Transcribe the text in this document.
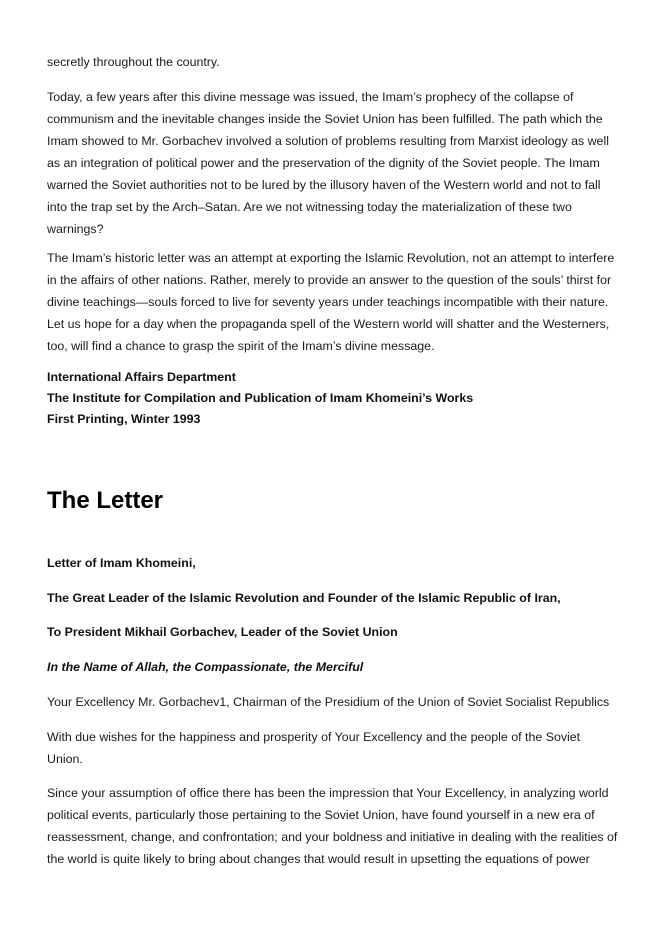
secretly throughout the country.
Today, a few years after this divine message was issued, the Imam’s prophecy of the collapse of
communism and the inevitable changes inside the Soviet Union has been fulfilled. The path which the
Imam showed to Mr. Gorbachev involved a solution of problems resulting from Marxist ideology as well
as an integration of political power and the preservation of the dignity of the Soviet people. The Imam
warned the Soviet authorities not to be lured by the illusory haven of the Western world and not to fall
into the trap set by the Arch–Satan. Are we not witnessing today the materialization of these two
warnings?
The Imam’s historic letter was an attempt at exporting the Islamic Revolution, not an attempt to interfere
in the affairs of other nations. Rather, merely to provide an answer to the question of the souls’ thirst for
divine teachings—souls forced to live for seventy years under teachings incompatible with their nature.
Let us hope for a day when the propaganda spell of the Western world will shatter and the Westerners,
too, will find a chance to grasp the spirit of the Imam’s divine message.
International Affairs Department
The Institute for Compilation and Publication of Imam Khomeini’s Works
First Printing, Winter 1993
The Letter
Letter of Imam Khomeini,
The Great Leader of the Islamic Revolution and Founder of the Islamic Republic of Iran,
To President Mikhail Gorbachev, Leader of the Soviet Union
In the Name of Allah, the Compassionate, the Merciful
Your Excellency Mr. Gorbachev1, Chairman of the Presidium of the Union of Soviet Socialist Republics
With due wishes for the happiness and prosperity of Your Excellency and the people of the Soviet
Union.
Since your assumption of office there has been the impression that Your Excellency, in analyzing world
political events, particularly those pertaining to the Soviet Union, have found yourself in a new era of
reassessment, change, and confrontation; and your boldness and initiative in dealing with the realities of
the world is quite likely to bring about changes that would result in upsetting the equations of power
